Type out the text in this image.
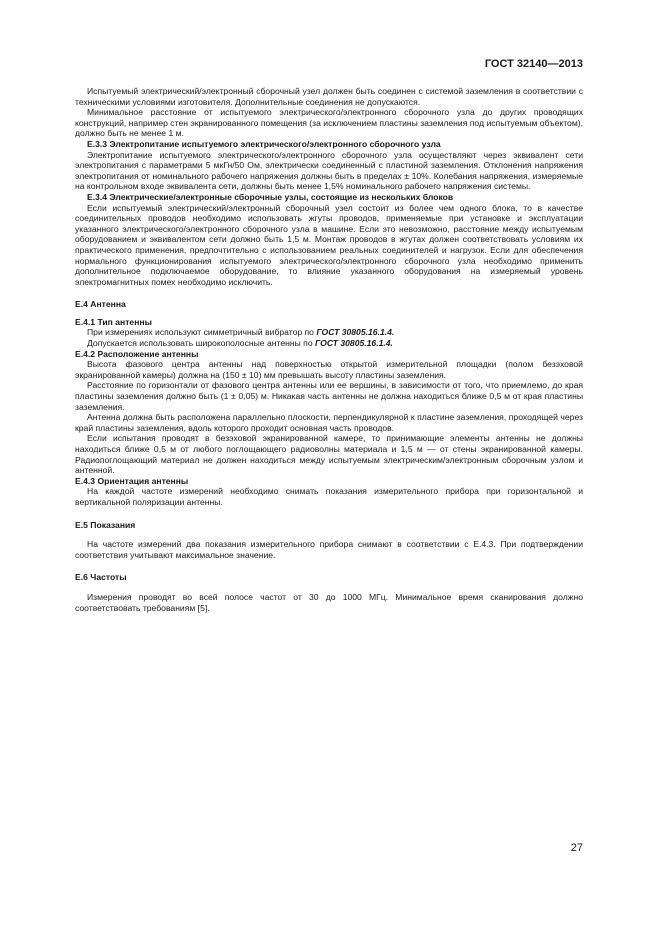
ГОСТ 32140—2013

Испытуемый электрический/электронный сборочный узел должен быть соединен с системой заземления в соответствии с техническими условиями изготовителя. Дополнительные соединения не допускаются.

Минимальное расстояние от испытуемого электрического/электронного сборочного узла до других проводящих конструкций, например стен экранированного помещения (за исключением пластины заземления под испытуемым объектом), должно быть не менее 1 м.

Е.3.3 Электропитание испытуемого электрического/электронного сборочного узла

Электропитание испытуемого электрического/электронного сборочного узла осуществляют через эквивалент сети электропитания с параметрами 5 мкГн/50 Ом, электрически соединенный с пластиной заземления. Отклонения напряжения электропитания от номинального рабочего напряжения должны быть в пределах ± 10%. Колебания напряжения, измеряемые на контрольном входе эквивалента сети, должны быть менее 1,5% номинального рабочего напряжения системы.

Е.3.4 Электрические/электронные сборочные узлы, состоящие из нескольких блоков

Если испытуемый электрический/электронный сборочный узел состоит из более чем одного блока, то в качестве соединительных проводов необходимо использовать жгуты проводов, применяемые при установке и эксплуатации указанного электрического/электронного сборочного узла в машине. Если это невозможно, расстояние между испытуемым оборудованием и эквивалентом сети должно быть 1,5 м. Монтаж проводов в жгутах должен соответствовать условиям их практического применения, предпочтительно с использованием реальных соединителей и нагрузок. Если для обеспечения нормального функционирования испытуемого электрического/электронного сборочного узла необходимо применить дополнительное подключаемое оборудование, то влияние указанного оборудования на измеряемый уровень электромагнитных помех необходимо исключить.

Е.4 Антенна

Е.4.1 Тип антенны

При измерениях используют симметричный вибратор по ГОСТ 30805.16.1.4.

Допускается использовать широкополосные антенны по ГОСТ 30805.16.1.4.

Е.4.2 Расположение антенны

Высота фазового центра антенны над поверхностью открытой измерительной площадки (полом безэховой экранированной камеры) должна на (150 ± 10) мм превышать высоту пластины заземления.

Расстояние по горизонтали от фазового центра антенны или ее вершины, в зависимости от того, что приемлемо, до края пластины заземления должно быть (1 ± 0,05) м. Никакая часть антенны не должна находиться ближе 0,5 м от края пластины заземления.

Антенна должна быть расположена параллельно плоскости, перпендикулярной к пластине заземления, проходящей через край пластины заземления, вдоль которого проходит основная часть проводов.

Если испытания проводят в безэховой экранированной камере, то принимающие элементы антенны не должны находиться ближе 0,5 м от любого поглощающего радиоволны материала и 1,5 м — от стены экранированной камеры. Радиопоглощающий материал не должен находиться между испытуемым электрическим/электронным сборочным узлом и антенной.

Е.4.3 Ориентация антенны

На каждой частоте измерений необходимо снимать показания измерительного прибора при горизонтальной и вертикальной поляризации антенны.

Е.5 Показания

На частоте измерений два показания измерительного прибора снимают в соответствии с Е.4.3. При подтверждении соответствия учитывают максимальное значение.

Е.6 Частоты

Измерения проводят во всей полосе частот от 30 до 1000 МГц. Минимальное время сканирования должно соответствовать требованиям [5].

27
